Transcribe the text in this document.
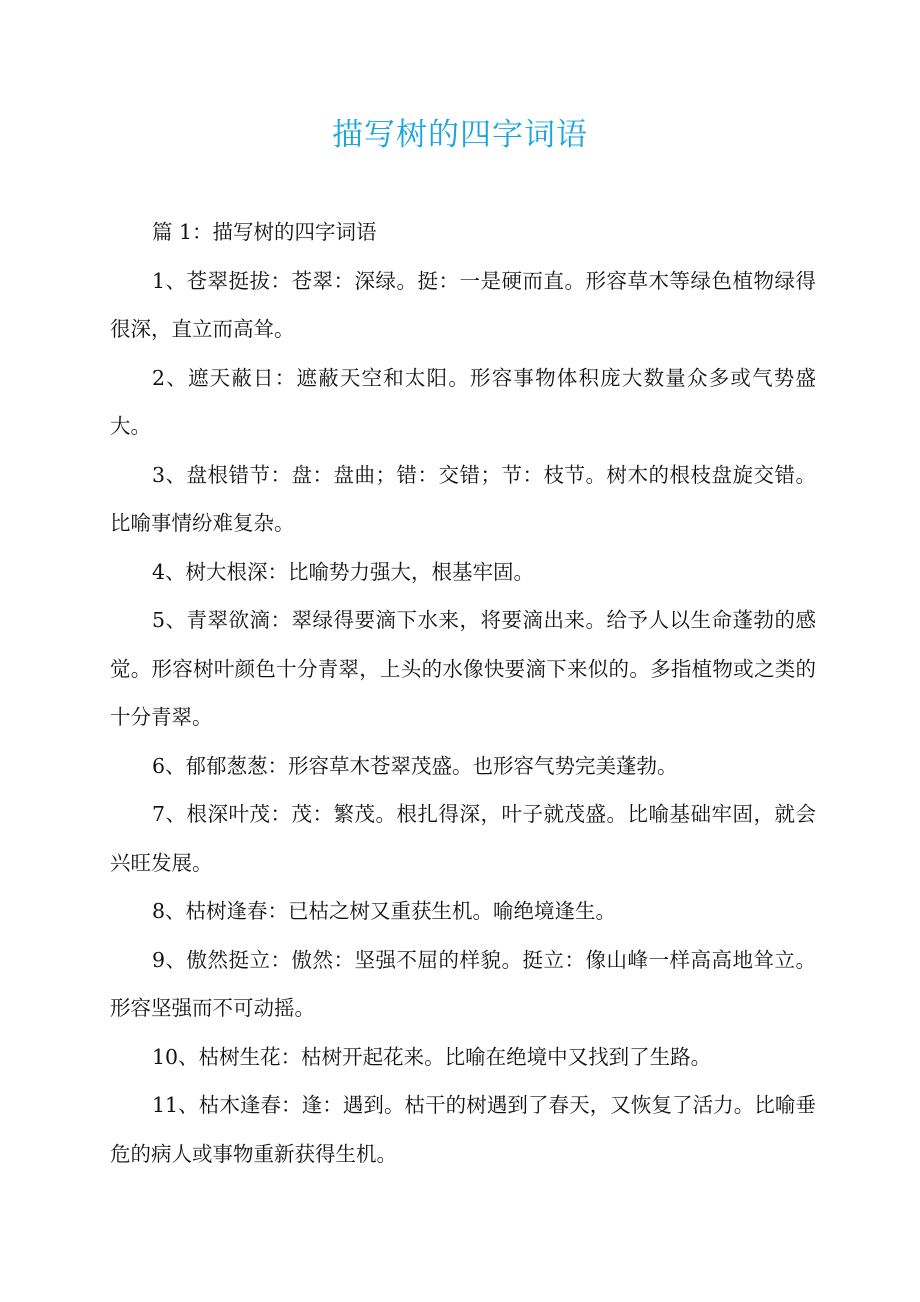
描写树的四字词语

篇 1：描写树的四字词语

1、苍翠挺拔：苍翠：深绿。挺：一是硬而直。形容草木等绿色植物绿得很深，直立而高耸。

2、遮天蔽日：遮蔽天空和太阳。形容事物体积庞大数量众多或气势盛大。

3、盘根错节：盘：盘曲；错：交错；节：枝节。树木的根枝盘旋交错。比喻事情纷难复杂。

4、树大根深：比喻势力强大，根基牢固。

5、青翠欲滴：翠绿得要滴下水来，将要滴出来。给予人以生命蓬勃的感觉。形容树叶颜色十分青翠，上头的水像快要滴下来似的。多指植物或之类的十分青翠。

6、郁郁葱葱：形容草木苍翠茂盛。也形容气势完美蓬勃。

7、根深叶茂：茂：繁茂。根扎得深，叶子就茂盛。比喻基础牢固，就会兴旺发展。

8、枯树逢春：已枯之树又重获生机。喻绝境逢生。

9、傲然挺立：傲然：坚强不屈的样貌。挺立：像山峰一样高高地耸立。形容坚强而不可动摇。

10、枯树生花：枯树开起花来。比喻在绝境中又找到了生路。

11、枯木逢春：逢：遇到。枯干的树遇到了春天，又恢复了活力。比喻垂危的病人或事物重新获得生机。
